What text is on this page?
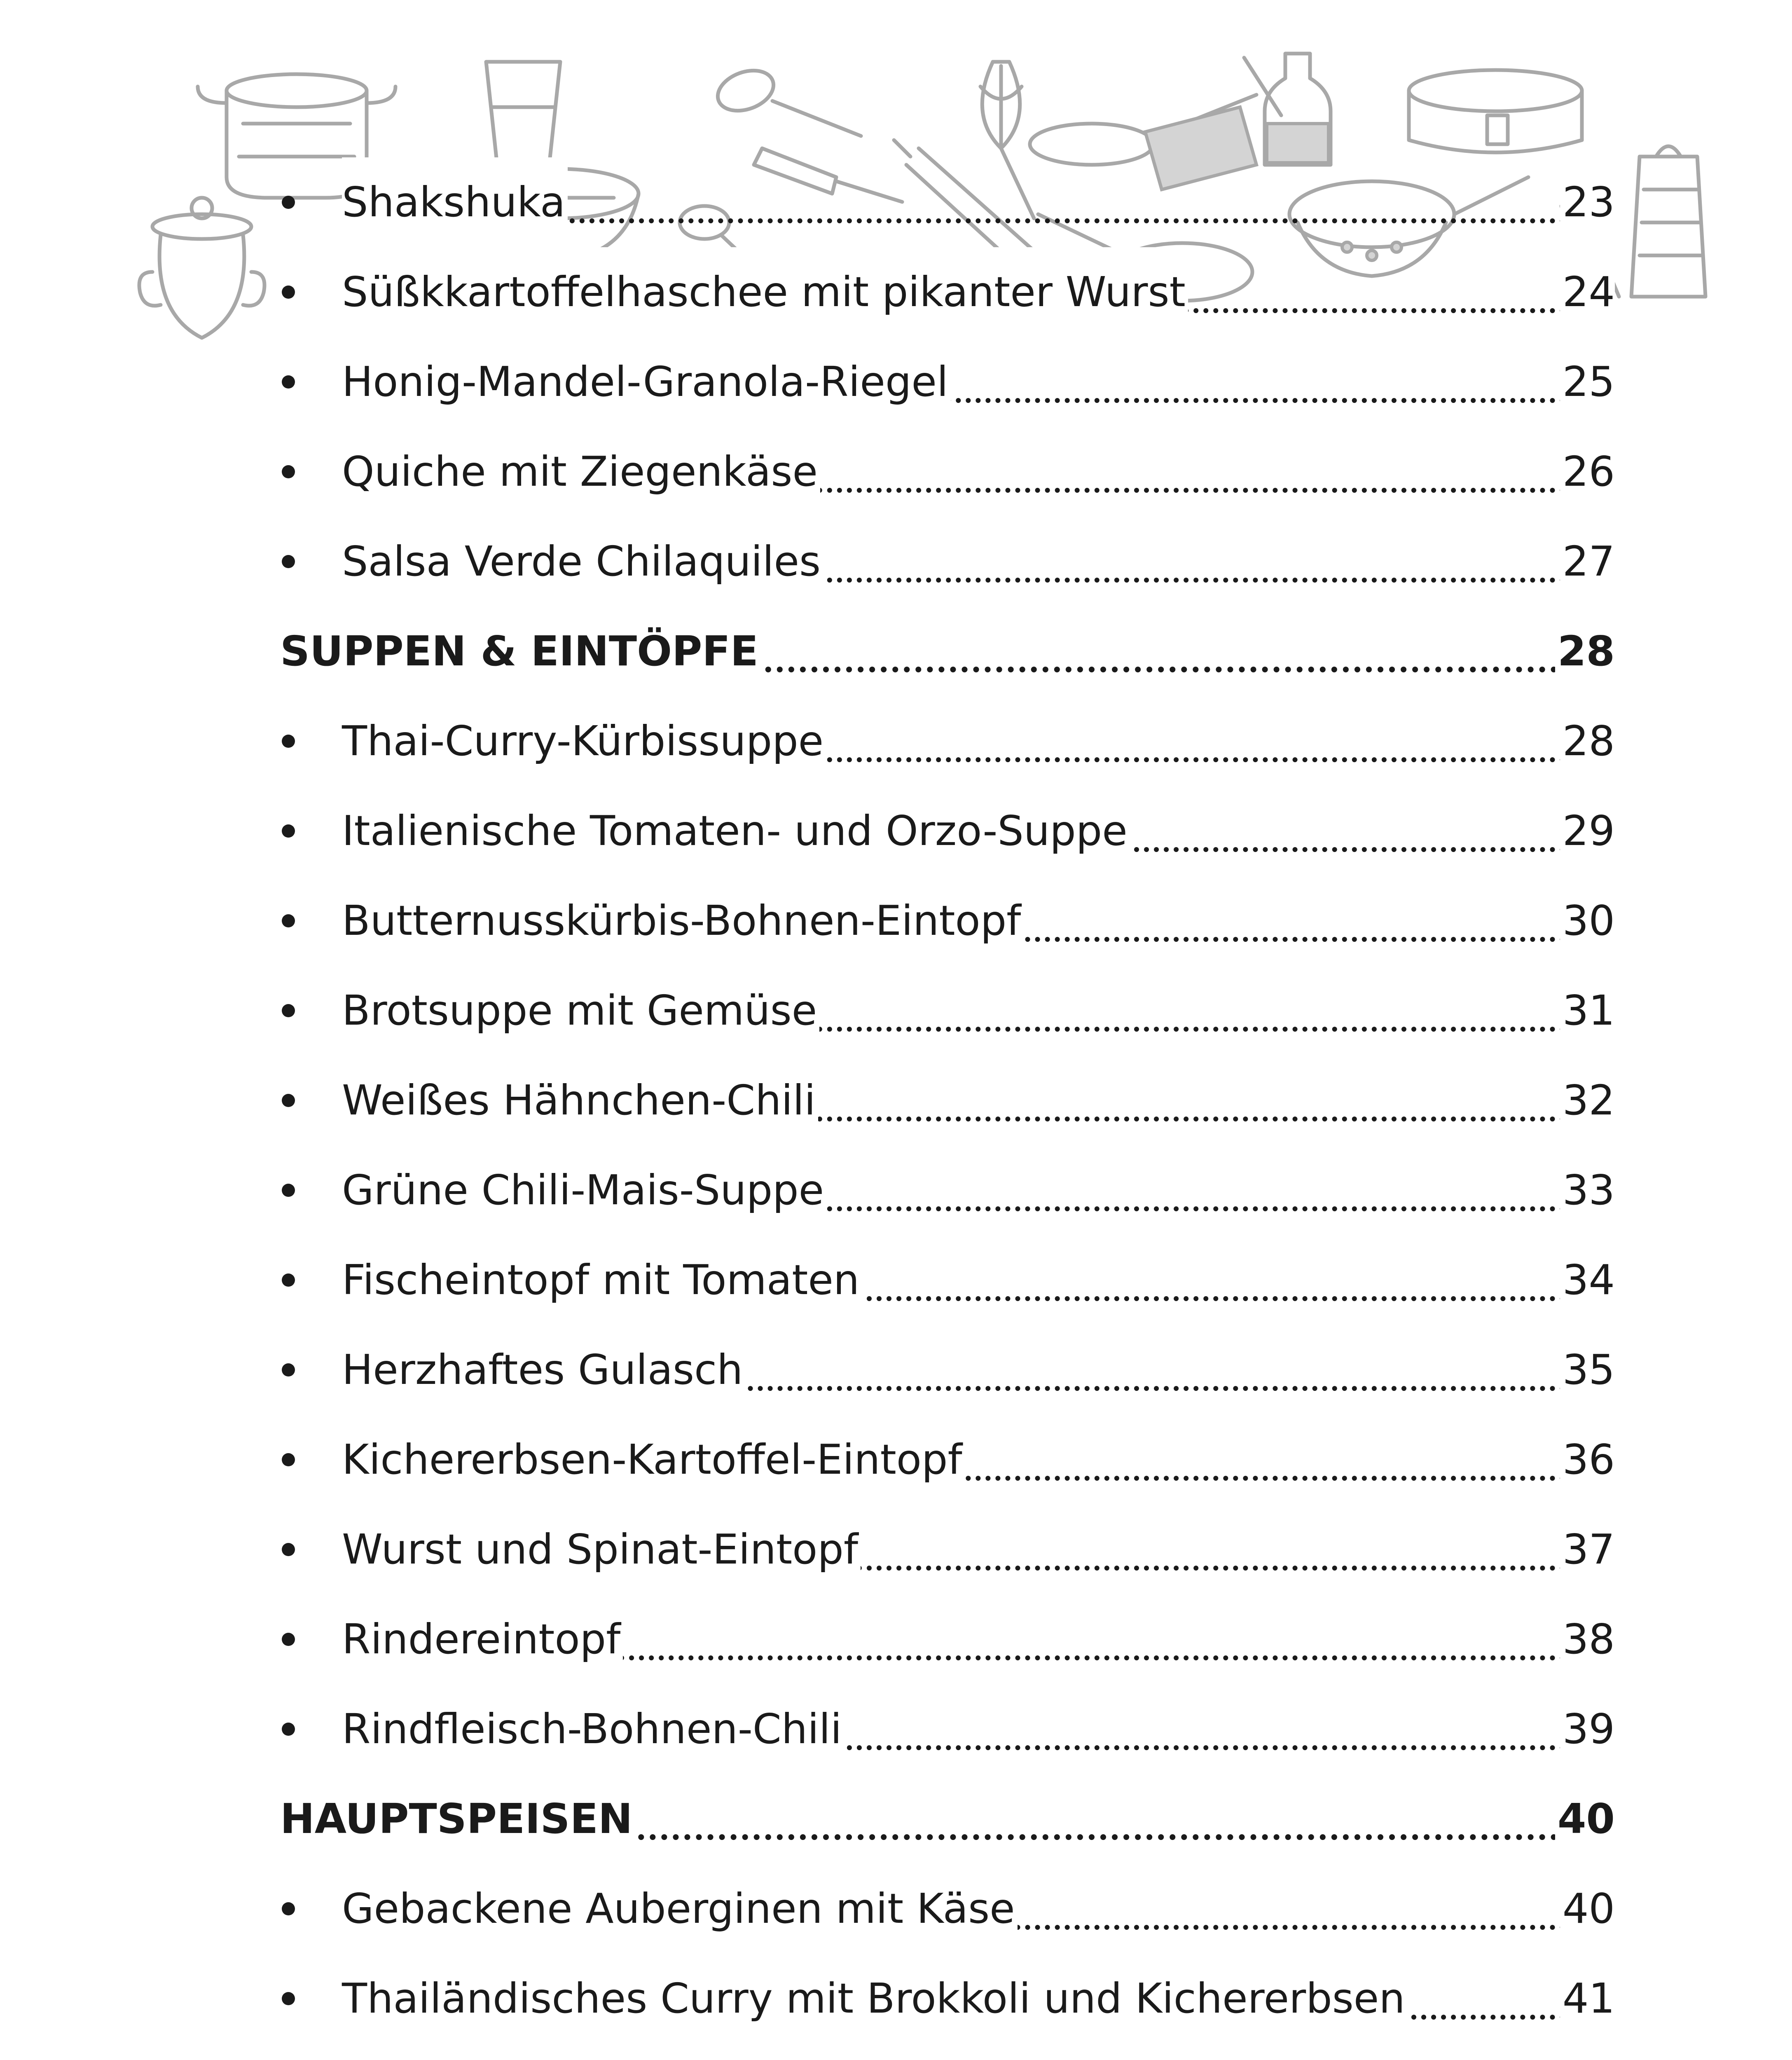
Shakshuka	23
Süßkkartoffelhaschee mit pikanter Wurst	24
Honig-Mandel-Granola-Riegel	25
Quiche mit Ziegenkäse	26
Salsa Verde Chilaquiles	27
SUPPEN & EINTÖPFE	28
Thai-Curry-Kürbissuppe	28
Italienische Tomaten- und Orzo-Suppe	29
Butternusskürbis-Bohnen-Eintopf	30
Brotsuppe mit Gemüse	31
Weißes Hähnchen-Chili	32
Grüne Chili-Mais-Suppe	33
Fischeintopf mit Tomaten	34
Herzhaftes Gulasch	35
Kichererbsen-Kartoffel-Eintopf	36
Wurst und Spinat-Eintopf	37
Rindereintopf	38
Rindfleisch-Bohnen-Chili	39
HAUPTSPEISEN	40
Gebackene Auberginen mit Käse	40
Thailändisches Curry mit Brokkoli und Kichererbsen	41
